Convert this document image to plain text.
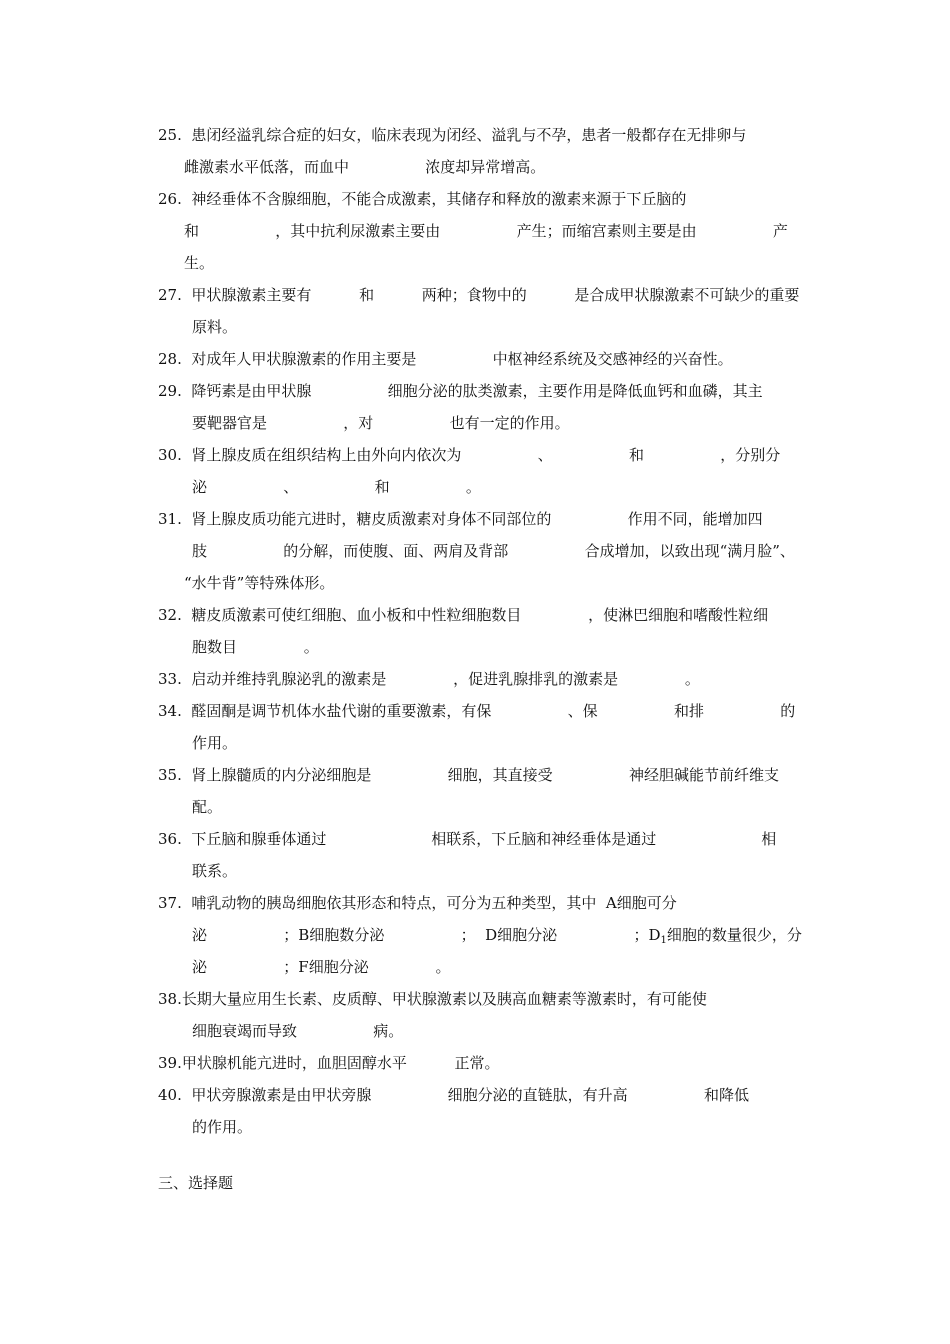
25.  患闭经溢乳综合症的妇女，临床表现为闭经、溢乳与不孕，患者一般都存在无排卵与
雌激素水平低落，而血中                浓度却异常增高。
26.  神经垂体不含腺细胞，不能合成激素，其储存和释放的激素来源于下丘脑的
和                ，其中抗利尿激素主要由                产生；而缩宫素则主要是由                产
生。
27.  甲状腺激素主要有          和          两种；食物中的          是合成甲状腺激素不可缺少的重要
原料。
28.  对成年人甲状腺激素的作用主要是                中枢神经系统及交感神经的兴奋性。
29.  降钙素是由甲状腺                细胞分泌的肽类激素，主要作用是降低血钙和血磷，其主
要靶器官是                ，对                也有一定的作用。
30.  肾上腺皮质在组织结构上由外向内依次为                、                和                ，分别分
泌                、                和                。
31.  肾上腺皮质功能亢进时，糖皮质激素对身体不同部位的                作用不同，能增加四
肢                的分解，而使腹、面、两肩及背部                合成增加，以致出现“满月脸”、
“水牛背”等特殊体形。
32.  糖皮质激素可使红细胞、血小板和中性粒细胞数目              ，使淋巴细胞和嗜酸性粒细
胞数目              。
33.  启动并维持乳腺泌乳的激素是              ，促进乳腺排乳的激素是              。
34.  醛固酮是调节机体水盐代谢的重要激素，有保                、保                和排                的
作用。
35.  肾上腺髓质的内分泌细胞是                细胞，其直接受                神经胆碱能节前纤维支
配。
36.  下丘脑和腺垂体通过                      相联系，下丘脑和神经垂体是通过                      相
联系。
37.  哺乳动物的胰岛细胞依其形态和特点，可分为五种类型，其中  A细胞可分
泌                ；B细胞数分泌                ；  D细胞分泌                ；$D_1$细胞的数量很少，分
泌                ；F细胞分泌              。
38.长期大量应用生长素、皮质醇、甲状腺激素以及胰高血糖素等激素时，有可能使
细胞衰竭而导致                病。
39.甲状腺机能亢进时，血胆固醇水平          正常。
40.  甲状旁腺激素是由甲状旁腺                细胞分泌的直链肽，有升高                和降低
的作用。
三、选择题
